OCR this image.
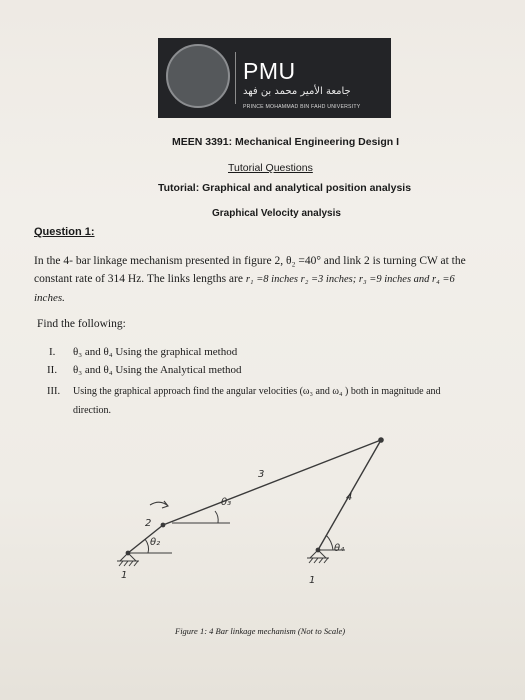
PMU
جامعة الأمير محمد بن فهد
PRINCE MOHAMMAD BIN FAHD UNIVERSITY
MEEN 3391: Mechanical Engineering Design I
Tutorial Questions
Tutorial: Graphical and analytical position analysis
Graphical Velocity analysis
Question 1:
In the 4- bar linkage mechanism presented in figure 2, θ₂ =40° and link 2 is turning CW at the
constant rate of 314 Hz. The links lengths are r₁ =8 inches r₂ =3 inches; r₃ =9 inches and r₄ =6
inches.
Find the following:
I. θ₃ and θ₄ Using the graphical method
II. θ₃ and θ₄ Using the Analytical method
III. Using the graphical approach find the angular velocities (ω₃ and ω₄ ) both in magnitude and
direction.
2
3
4
1	1
θ₂
θ₃
θ₄
Figure 1: 4 Bar linkage mechanism (Not to Scale)
